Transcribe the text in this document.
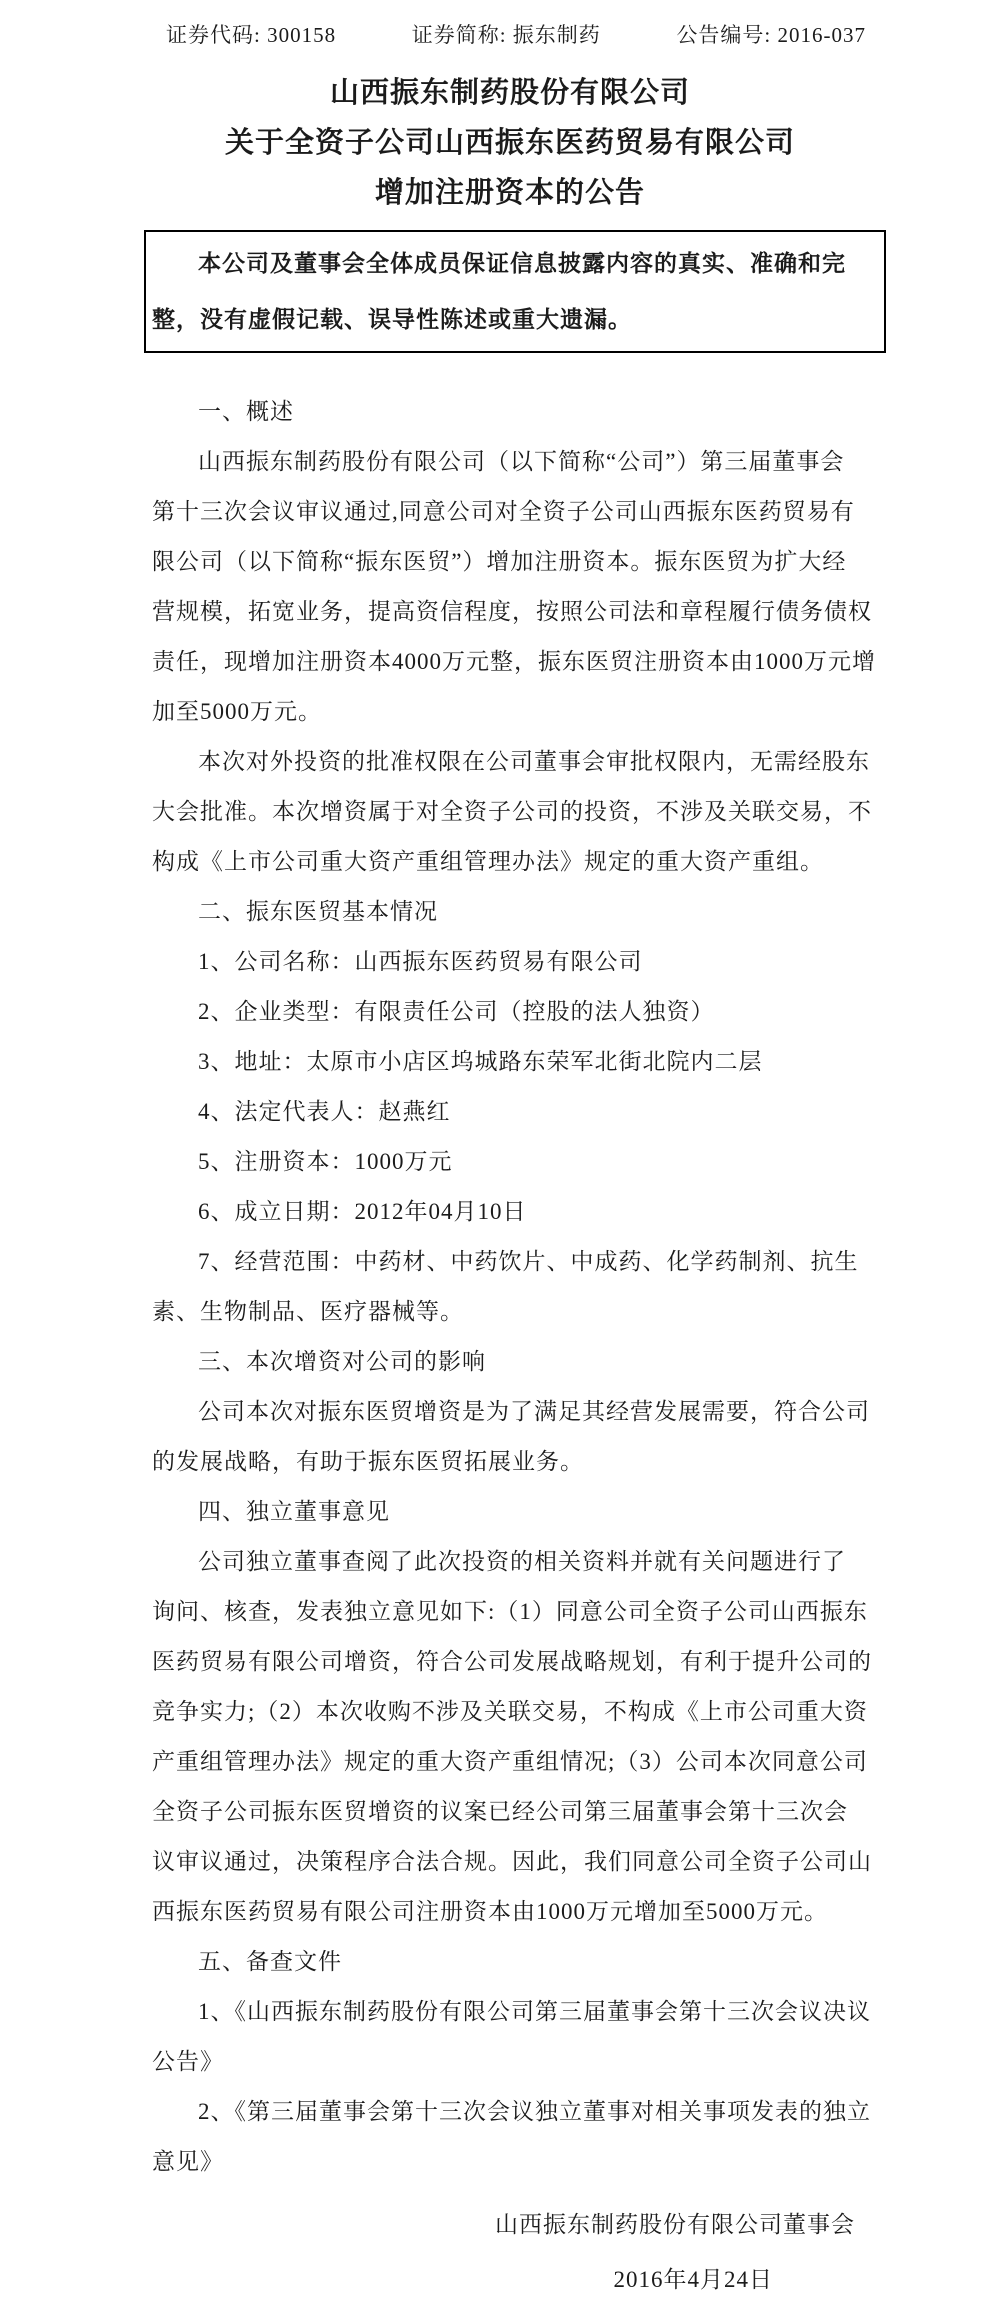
证券代码: 300158	证券简称: 振东制药	公告编号: 2016-037
山西振东制药股份有限公司
关于全资子公司山西振东医药贸易有限公司
增加注册资本的公告
本公司及董事会全体成员保证信息披露内容的真实、准确和完
整，没有虚假记载、误导性陈述或重大遗漏。
一、概述
山西振东制药股份有限公司（以下简称“公司”）第三届董事会
第十三次会议审议通过,同意公司对全资子公司山西振东医药贸易有
限公司（以下简称“振东医贸”）增加注册资本。振东医贸为扩大经
营规模，拓宽业务，提高资信程度，按照公司法和章程履行债务债权
责任，现增加注册资本4000万元整，振东医贸注册资本由1000万元增
加至5000万元。
本次对外投资的批准权限在公司董事会审批权限内，无需经股东
大会批准。本次增资属于对全资子公司的投资，不涉及关联交易，不
构成《上市公司重大资产重组管理办法》规定的重大资产重组。
二、振东医贸基本情况
1、公司名称：山西振东医药贸易有限公司
2、企业类型：有限责任公司（控股的法人独资）
3、地址：太原市小店区坞城路东荣军北街北院内二层
4、法定代表人：赵燕红
5、注册资本：1000万元
6、成立日期：2012年04月10日
7、经营范围：中药材、中药饮片、中成药、化学药制剂、抗生
素、生物制品、医疗器械等。
三、本次增资对公司的影响
公司本次对振东医贸增资是为了满足其经营发展需要，符合公司
的发展战略，有助于振东医贸拓展业务。
四、独立董事意见
公司独立董事查阅了此次投资的相关资料并就有关问题进行了
询问、核查，发表独立意见如下:（1）同意公司全资子公司山西振东
医药贸易有限公司增资，符合公司发展战略规划，有利于提升公司的
竞争实力;（2）本次收购不涉及关联交易，不构成《上市公司重大资
产重组管理办法》规定的重大资产重组情况;（3）公司本次同意公司
全资子公司振东医贸增资的议案已经公司第三届董事会第十三次会
议审议通过，决策程序合法合规。因此，我们同意公司全资子公司山
西振东医药贸易有限公司注册资本由1000万元增加至5000万元。
五、备查文件
1、《山西振东制药股份有限公司第三届董事会第十三次会议决议
公告》
2、《第三届董事会第十三次会议独立董事对相关事项发表的独立
意见》
山西振东制药股份有限公司董事会
2016年4月24日
